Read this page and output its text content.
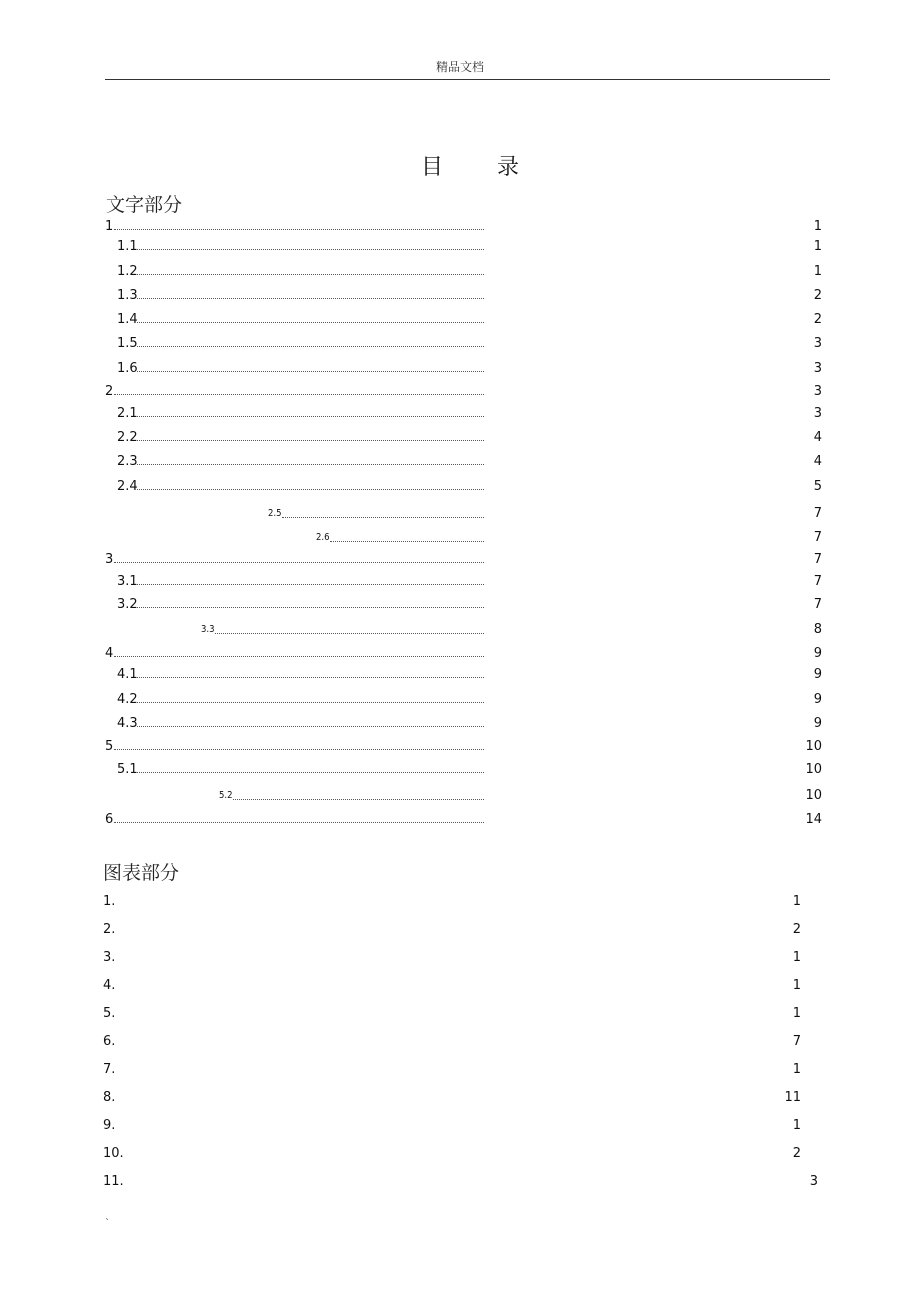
精品文档
目 录
文字部分
1	1
1.1	1
1.2	1
1.3	2
1.4	2
1.5	3
1.6	3
2	3
2.1	3
2.2	4
2.3	4
2.4	5
2.5	7
2.6	7
3	7
3.1	7
3.2	7
3.3	8
4	9
4.1	9
4.2	9
4.3	9
5	10
5.1	10
5.2	10
6	14
图表部分
1.	1
2.	2
3.	1
4.	1
5.	1
6.	7
7.	1
8.	11
9.	1
10.	2
11.	3
`
